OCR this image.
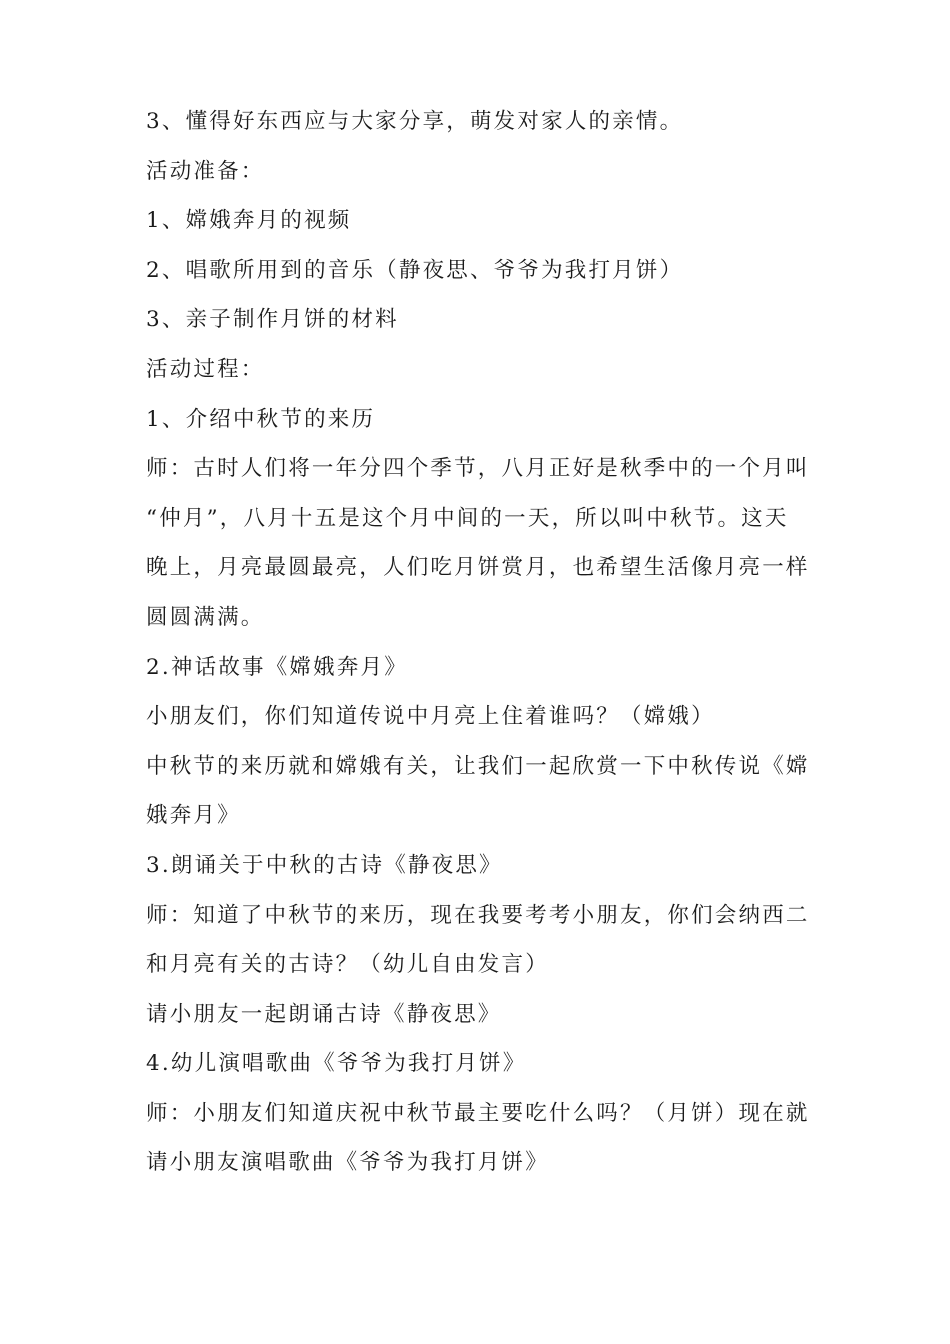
3、懂得好东西应与大家分享，萌发对家人的亲情。
活动准备：
1、嫦娥奔月的视频
2、唱歌所用到的音乐（静夜思、爷爷为我打月饼）
3、亲子制作月饼的材料
活动过程：
1、介绍中秋节的来历
师：古时人们将一年分四个季节，八月正好是秋季中的一个月叫
“仲月”，八月十五是这个月中间的一天，所以叫中秋节。这天
晚上，月亮最圆最亮，人们吃月饼赏月，也希望生活像月亮一样
圆圆满满。
2.神话故事《嫦娥奔月》
小朋友们，你们知道传说中月亮上住着谁吗？（嫦娥）
中秋节的来历就和嫦娥有关，让我们一起欣赏一下中秋传说《嫦
娥奔月》
3.朗诵关于中秋的古诗《静夜思》
师：知道了中秋节的来历，现在我要考考小朋友，你们会纳西二
和月亮有关的古诗？（幼儿自由发言）
请小朋友一起朗诵古诗《静夜思》
4.幼儿演唱歌曲《爷爷为我打月饼》
师：小朋友们知道庆祝中秋节最主要吃什么吗？（月饼）现在就
请小朋友演唱歌曲《爷爷为我打月饼》
